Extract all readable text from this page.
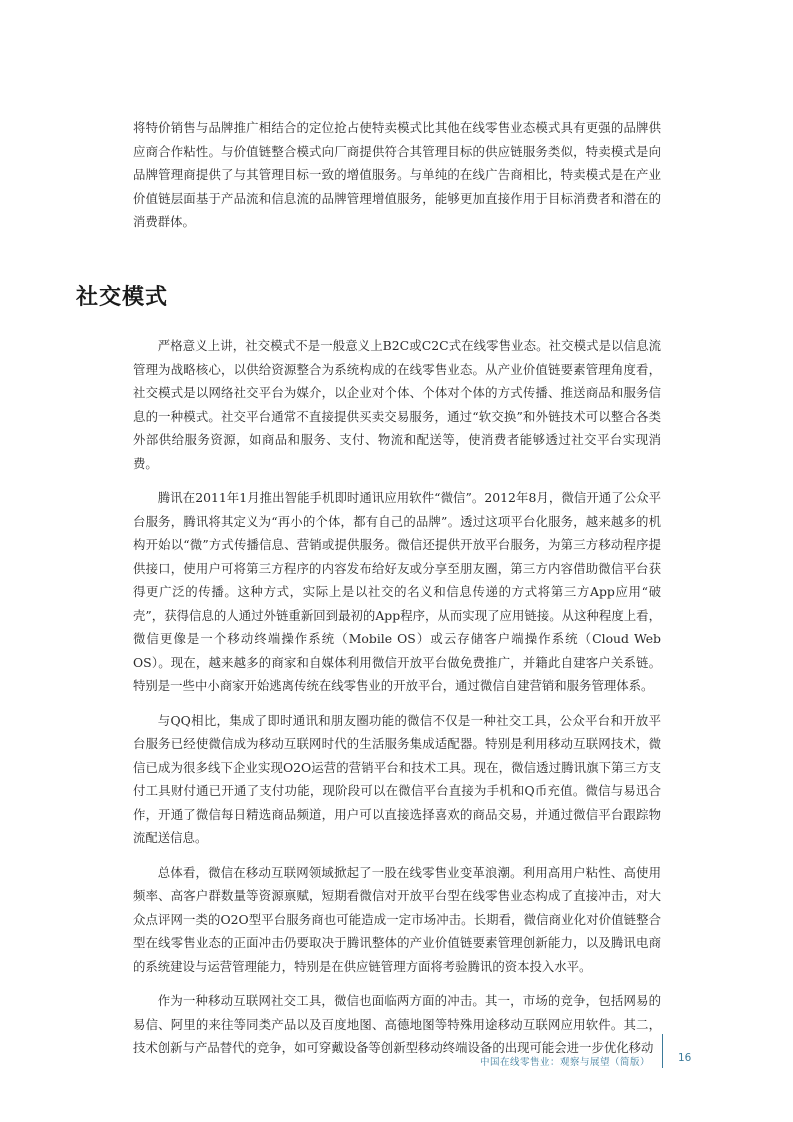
将特价销售与品牌推广相结合的定位抢占使特卖模式比其他在线零售业态模式具有更强的品牌供应商合作粘性。与价值链整合模式向厂商提供符合其管理目标的供应链服务类似，特卖模式是向品牌管理商提供了与其管理目标一致的增值服务。与单纯的在线广告商相比，特卖模式是在产业价值链层面基于产品流和信息流的品牌管理增值服务，能够更加直接作用于目标消费者和潜在的消费群体。

社交模式

严格意义上讲，社交模式不是一般意义上B2C或C2C式在线零售业态。社交模式是以信息流管理为战略核心，以供给资源整合为系统构成的在线零售业态。从产业价值链要素管理角度看，社交模式是以网络社交平台为媒介，以企业对个体、个体对个体的方式传播、推送商品和服务信息的一种模式。社交平台通常不直接提供买卖交易服务，通过“软交换”和外链技术可以整合各类外部供给服务资源，如商品和服务、支付、物流和配送等，使消费者能够透过社交平台实现消费。

腾讯在2011年1月推出智能手机即时通讯应用软件“微信”。2012年8月，微信开通了公众平台服务，腾讯将其定义为“再小的个体，都有自己的品牌”。透过这项平台化服务，越来越多的机构开始以“微”方式传播信息、营销或提供服务。微信还提供开放平台服务，为第三方移动程序提供接口，使用户可将第三方程序的内容发布给好友或分享至朋友圈，第三方内容借助微信平台获得更广泛的传播。这种方式，实际上是以社交的名义和信息传递的方式将第三方App应用“破壳”，获得信息的人通过外链重新回到最初的App程序，从而实现了应用链接。从这种程度上看，微信更像是一个移动终端操作系统（Mobile OS）或云存储客户端操作系统（Cloud Web OS）。现在，越来越多的商家和自媒体利用微信开放平台做免费推广，并籍此自建客户关系链。特别是一些中小商家开始逃离传统在线零售业的开放平台，通过微信自建营销和服务管理体系。

与QQ相比，集成了即时通讯和朋友圈功能的微信不仅是一种社交工具，公众平台和开放平台服务已经使微信成为移动互联网时代的生活服务集成适配器。特别是利用移动互联网技术，微信已成为很多线下企业实现O2O运营的营销平台和技术工具。现在，微信透过腾讯旗下第三方支付工具财付通已开通了支付功能，现阶段可以在微信平台直接为手机和Q币充值。微信与易迅合作，开通了微信每日精选商品频道，用户可以直接选择喜欢的商品交易，并通过微信平台跟踪物流配送信息。

总体看，微信在移动互联网领域掀起了一股在线零售业变革浪潮。利用高用户粘性、高使用频率、高客户群数量等资源禀赋，短期看微信对开放平台型在线零售业态构成了直接冲击，对大众点评网一类的O2O型平台服务商也可能造成一定市场冲击。长期看，微信商业化对价值链整合型在线零售业态的正面冲击仍要取决于腾讯整体的产业价值链要素管理创新能力，以及腾讯电商的系统建设与运营管理能力，特别是在供应链管理方面将考验腾讯的资本投入水平。

作为一种移动互联网社交工具，微信也面临两方面的冲击。其一，市场的竞争，包括网易的易信、阿里的来往等同类产品以及百度地图、高德地图等特殊用途移动互联网应用软件。其二，技术创新与产品替代的竞争，如可穿戴设备等创新型移动终端设备的出现可能会进一步优化移动

中国在线零售业：观察与展望（简版）	16
